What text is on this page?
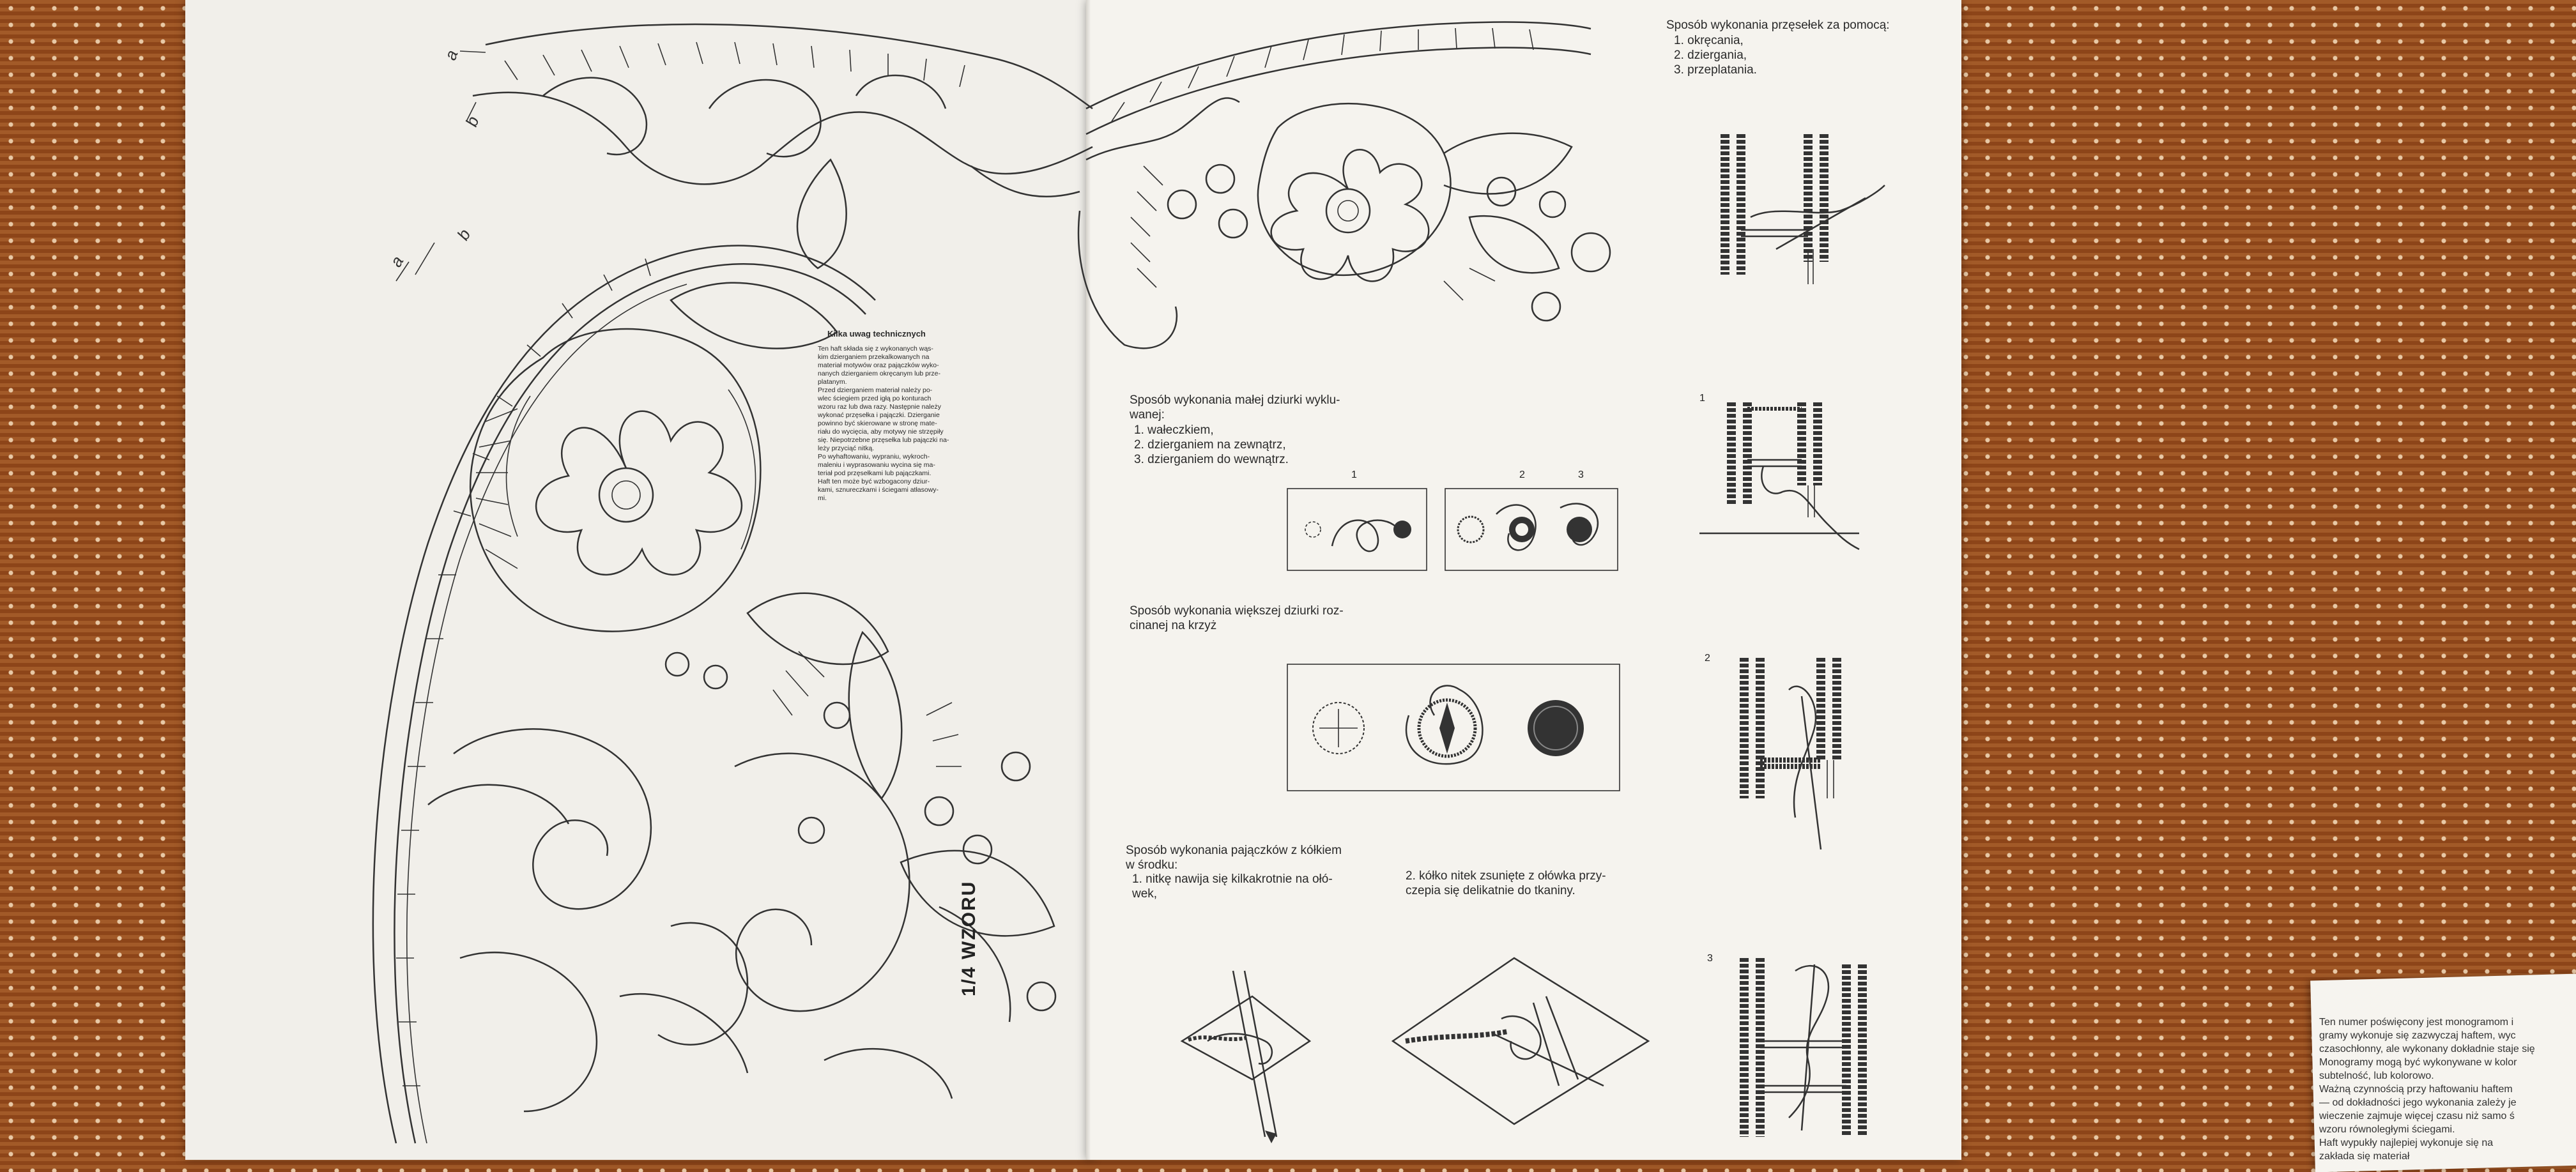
a
b
a
b
Kilka uwag technicznych
Ten haft składa się z wykonanych wąs-
kim dzierganiem przekalkowanych na
materiał motywów oraz pajączków wyko-
nanych dzierganiem okręcanym lub prze-
platanym.
Przed dzierganiem materiał należy po-
wlec ściegiem przed igłą po konturach
wzoru raz lub dwa razy. Następnie należy
wykonać przęsełka i pajączki. Dzierganie
powinno być skierowane w stronę mate-
riału do wycięcia, aby motywy nie strzępiły
się. Niepotrzebne przęsełka lub pajączki na-
leży przyciąć nitką.
Po wyhaftowaniu, wypraniu, wykroch-
maleniu i wyprasowaniu wycina się ma-
teriał pod przęsełkami lub pajączkami.
Haft ten może być wzbogacony dziur-
kami, sznureczkami i ściegami atłasowy-
mi.
1/4 WZORU
Sposób wykonania przęsełek za pomocą:
1. okręcania,
2. dziergania,
3. przeplatania.
Sposób wykonania małej dziurki wyklu-
wanej:
1. wałeczkiem,
2. dzierganiem na zewnątrz,
3. dzierganiem do wewnątrz.
1	2	3
Sposób wykonania większej dziurki roz-
cinanej na krzyż
Sposób wykonania pajączków z kółkiem
w środku:
1. nitkę nawija się kilkakrotnie na ołó-
wek,
2. kółko nitek zsunięte z ołówka przy-
czepia się delikatnie do tkaniny.
1
2
3
Ten numer poświęcony jest monogramom i
gramy wykonuje się zazwyczaj haftem, wyc
czasochłonny, ale wykonany dokładnie staje się
Monogramy mogą być wykonywane w kolor
subtelność, lub kolorowo.
Ważną czynnością przy haftowaniu haftem
— od dokładności jego wykonania zależy je
wieczenie zajmuje więcej czasu niż samo ś
wzoru równoległymi ściegami.
Haft wypukły najlepiej wykonuje się na
zakłada się materiał
